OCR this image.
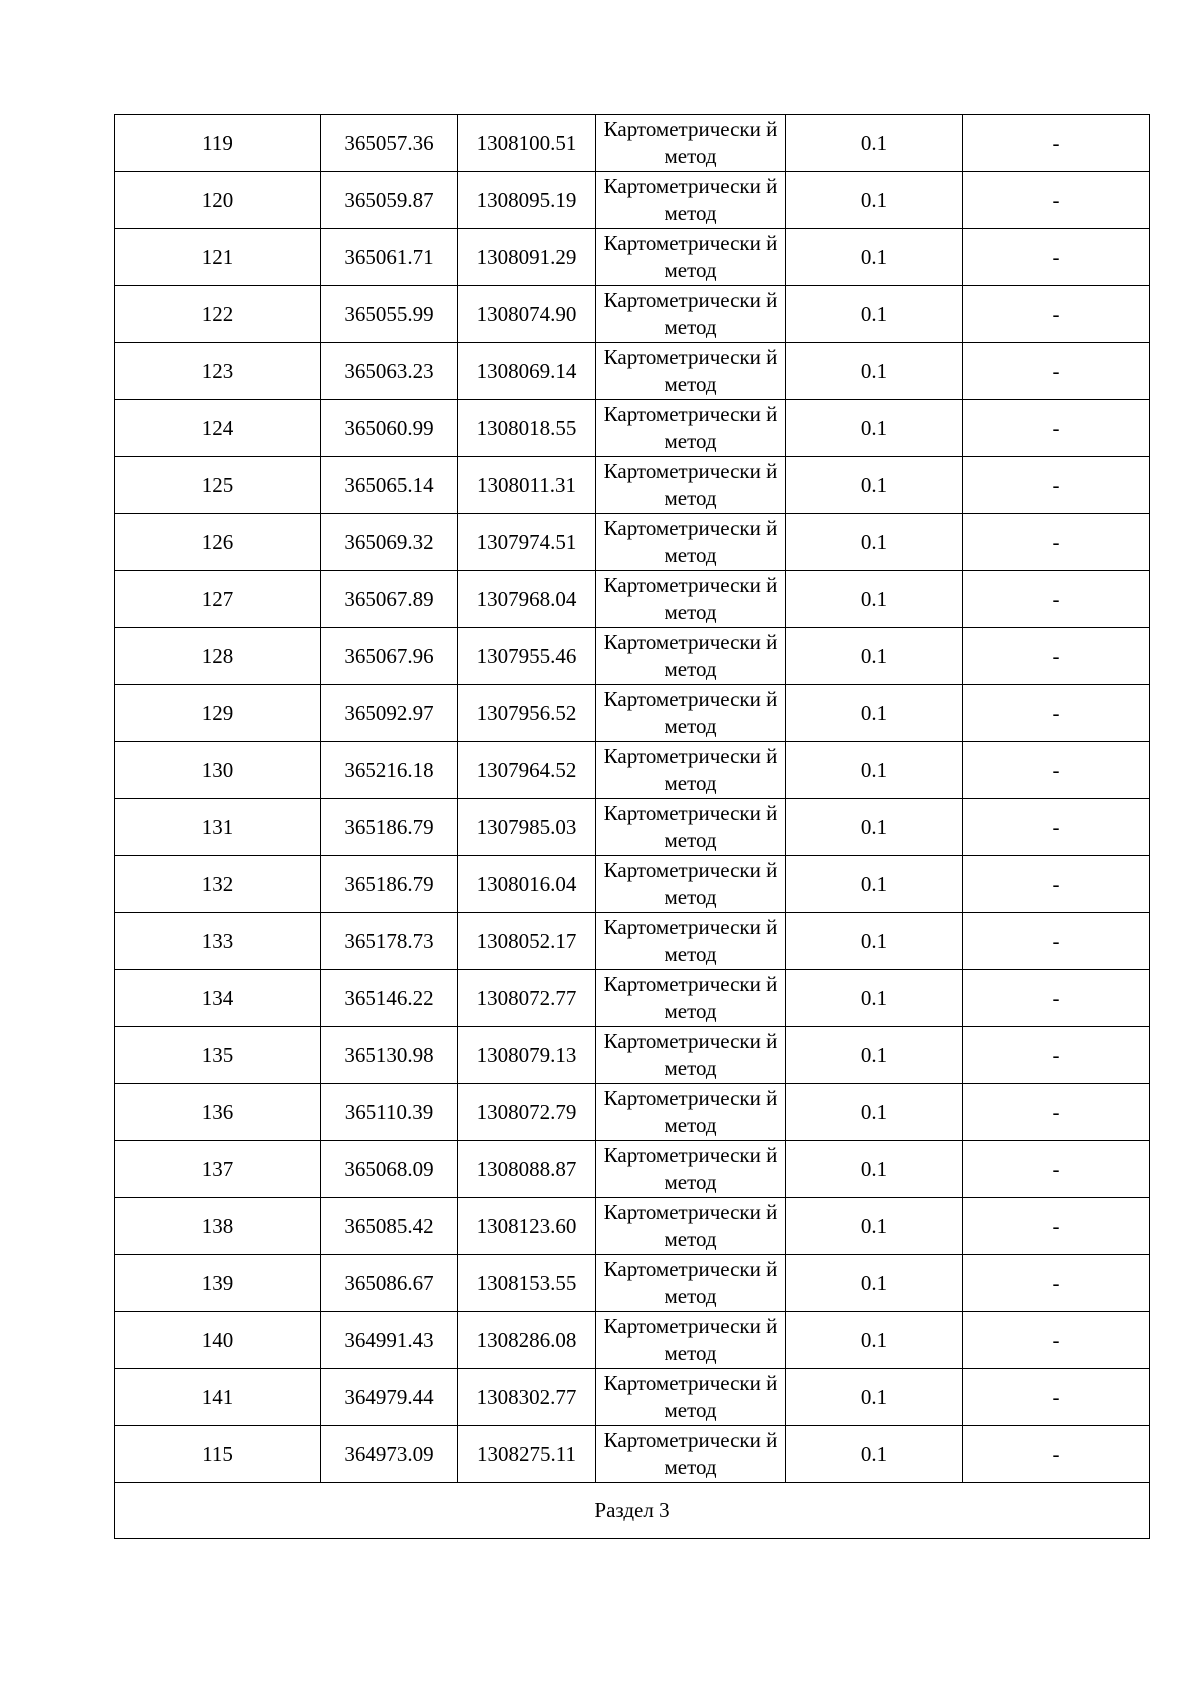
119	365057.36	1308100.51	Картометрически й метод	0.1	-
120	365059.87	1308095.19	Картометрически й метод	0.1	-
121	365061.71	1308091.29	Картометрически й метод	0.1	-
122	365055.99	1308074.90	Картометрически й метод	0.1	-
123	365063.23	1308069.14	Картометрически й метод	0.1	-
124	365060.99	1308018.55	Картометрически й метод	0.1	-
125	365065.14	1308011.31	Картометрически й метод	0.1	-
126	365069.32	1307974.51	Картометрически й метод	0.1	-
127	365067.89	1307968.04	Картометрически й метод	0.1	-
128	365067.96	1307955.46	Картометрически й метод	0.1	-
129	365092.97	1307956.52	Картометрически й метод	0.1	-
130	365216.18	1307964.52	Картометрически й метод	0.1	-
131	365186.79	1307985.03	Картометрически й метод	0.1	-
132	365186.79	1308016.04	Картометрически й метод	0.1	-
133	365178.73	1308052.17	Картометрически й метод	0.1	-
134	365146.22	1308072.77	Картометрически й метод	0.1	-
135	365130.98	1308079.13	Картометрически й метод	0.1	-
136	365110.39	1308072.79	Картометрически й метод	0.1	-
137	365068.09	1308088.87	Картометрически й метод	0.1	-
138	365085.42	1308123.60	Картометрически й метод	0.1	-
139	365086.67	1308153.55	Картометрически й метод	0.1	-
140	364991.43	1308286.08	Картометрически й метод	0.1	-
141	364979.44	1308302.77	Картометрически й метод	0.1	-
115	364973.09	1308275.11	Картометрически й метод	0.1	-
Раздел 3					
